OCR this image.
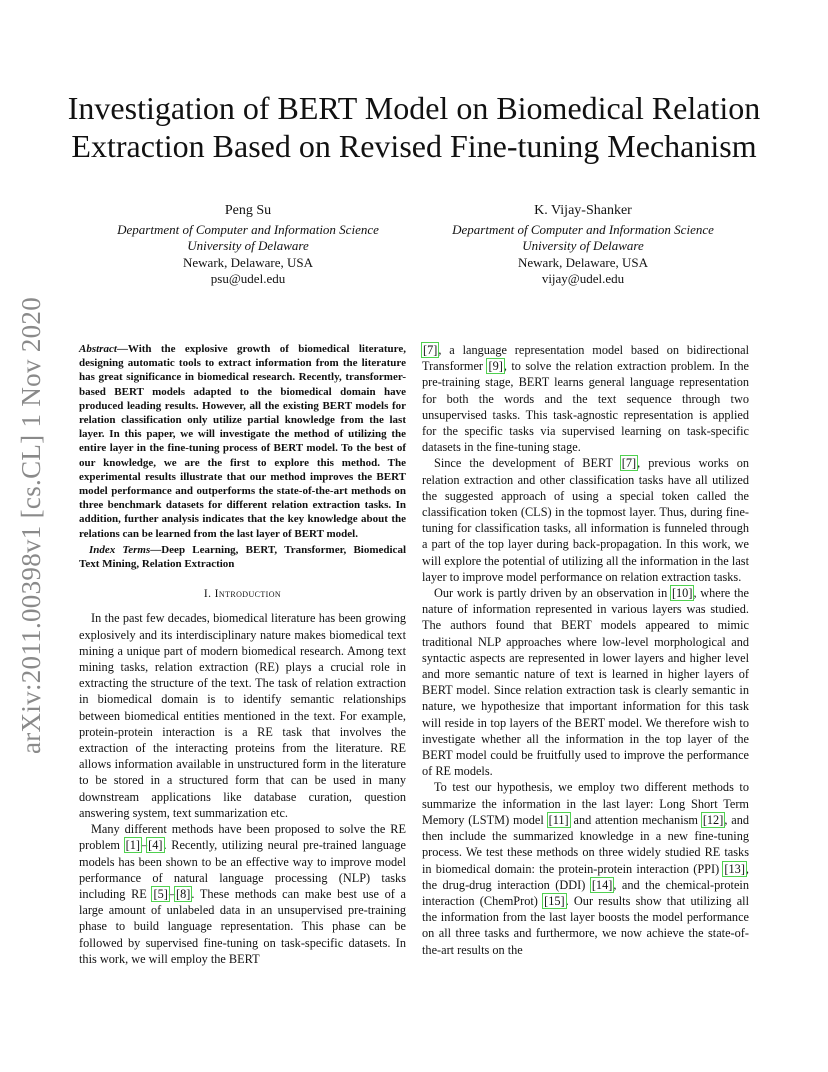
arXiv:2011.00398v1 [cs.CL] 1 Nov 2020
Investigation of BERT Model on Biomedical Relation Extraction Based on Revised Fine-tuning Mechanism
Peng Su
Department of Computer and Information Science
University of Delaware
Newark, Delaware, USA
psu@udel.edu
K. Vijay-Shanker
Department of Computer and Information Science
University of Delaware
Newark, Delaware, USA
vijay@udel.edu
Abstract—With the explosive growth of biomedical literature, designing automatic tools to extract information from the literature has great significance in biomedical research. Recently, transformer-based BERT models adapted to the biomedical domain have produced leading results. However, all the existing BERT models for relation classification only utilize partial knowledge from the last layer. In this paper, we will investigate the method of utilizing the entire layer in the fine-tuning process of BERT model. To the best of our knowledge, we are the first to explore this method. The experimental results illustrate that our method improves the BERT model performance and outperforms the state-of-the-art methods on three benchmark datasets for different relation extraction tasks. In addition, further analysis indicates that the key knowledge about the relations can be learned from the last layer of BERT model.
Index Terms—Deep Learning, BERT, Transformer, Biomedical Text Mining, Relation Extraction
I. Introduction

In the past few decades, biomedical literature has been growing explosively and its interdisciplinary nature makes biomedical text mining a unique part of modern biomedical research. Among text mining tasks, relation extraction (RE) plays a crucial role in extracting the structure of the text. The task of relation extraction in biomedical domain is to identify semantic relationships between biomedical entities mentioned in the text. For example, protein-protein interaction is a RE task that involves the extraction of the interacting proteins from the literature. RE allows information available in unstructured form in the literature to be stored in a structured form that can be used in many downstream applications like database curation, question answering system, text summarization etc.

Many different methods have been proposed to solve the RE problem [1]–[4]. Recently, utilizing neural pre-trained language models has been shown to be an effective way to improve model performance of natural language processing (NLP) tasks including RE [5]–[8]. These methods can make best use of a large amount of unlabeled data in an unsupervised pre-training phase to build language representation. This phase can be followed by supervised fine-tuning on task-specific datasets. In this work, we will employ the BERT

[7], a language representation model based on bidirectional Transformer [9], to solve the relation extraction problem. In the pre-training stage, BERT learns general language representation for both the words and the text sequence through two unsupervised tasks. This task-agnostic representation is applied for the specific tasks via supervised learning on task-specific datasets in the fine-tuning stage.

Since the development of BERT [7], previous works on relation extraction and other classification tasks have all utilized the suggested approach of using a special token called the classification token (CLS) in the topmost layer. Thus, during fine-tuning for classification tasks, all information is funneled through a part of the top layer during back-propagation. In this work, we will explore the potential of utilizing all the information in the last layer to improve model performance on relation extraction tasks.

Our work is partly driven by an observation in [10], where the nature of information represented in various layers was studied. The authors found that BERT models appeared to mimic traditional NLP approaches where low-level morphological and syntactic aspects are represented in lower layers and higher level and more semantic nature of text is learned in higher layers of BERT model. Since relation extraction task is clearly semantic in nature, we hypothesize that important information for this task will reside in top layers of the BERT model. We therefore wish to investigate whether all the information in the top layer of the BERT model could be fruitfully used to improve the performance of RE models.

To test our hypothesis, we employ two different methods to summarize the information in the last layer: Long Short Term Memory (LSTM) model [11] and attention mechanism [12], and then include the summarized knowledge in a new fine-tuning process. We test these methods on three widely studied RE tasks in biomedical domain: the protein-protein interaction (PPI) [13], the drug-drug interaction (DDI) [14], and the chemical-protein interaction (ChemProt) [15]. Our results show that utilizing all the information from the last layer boosts the model performance on all three tasks and furthermore, we now achieve the state-of-the-art results on the
